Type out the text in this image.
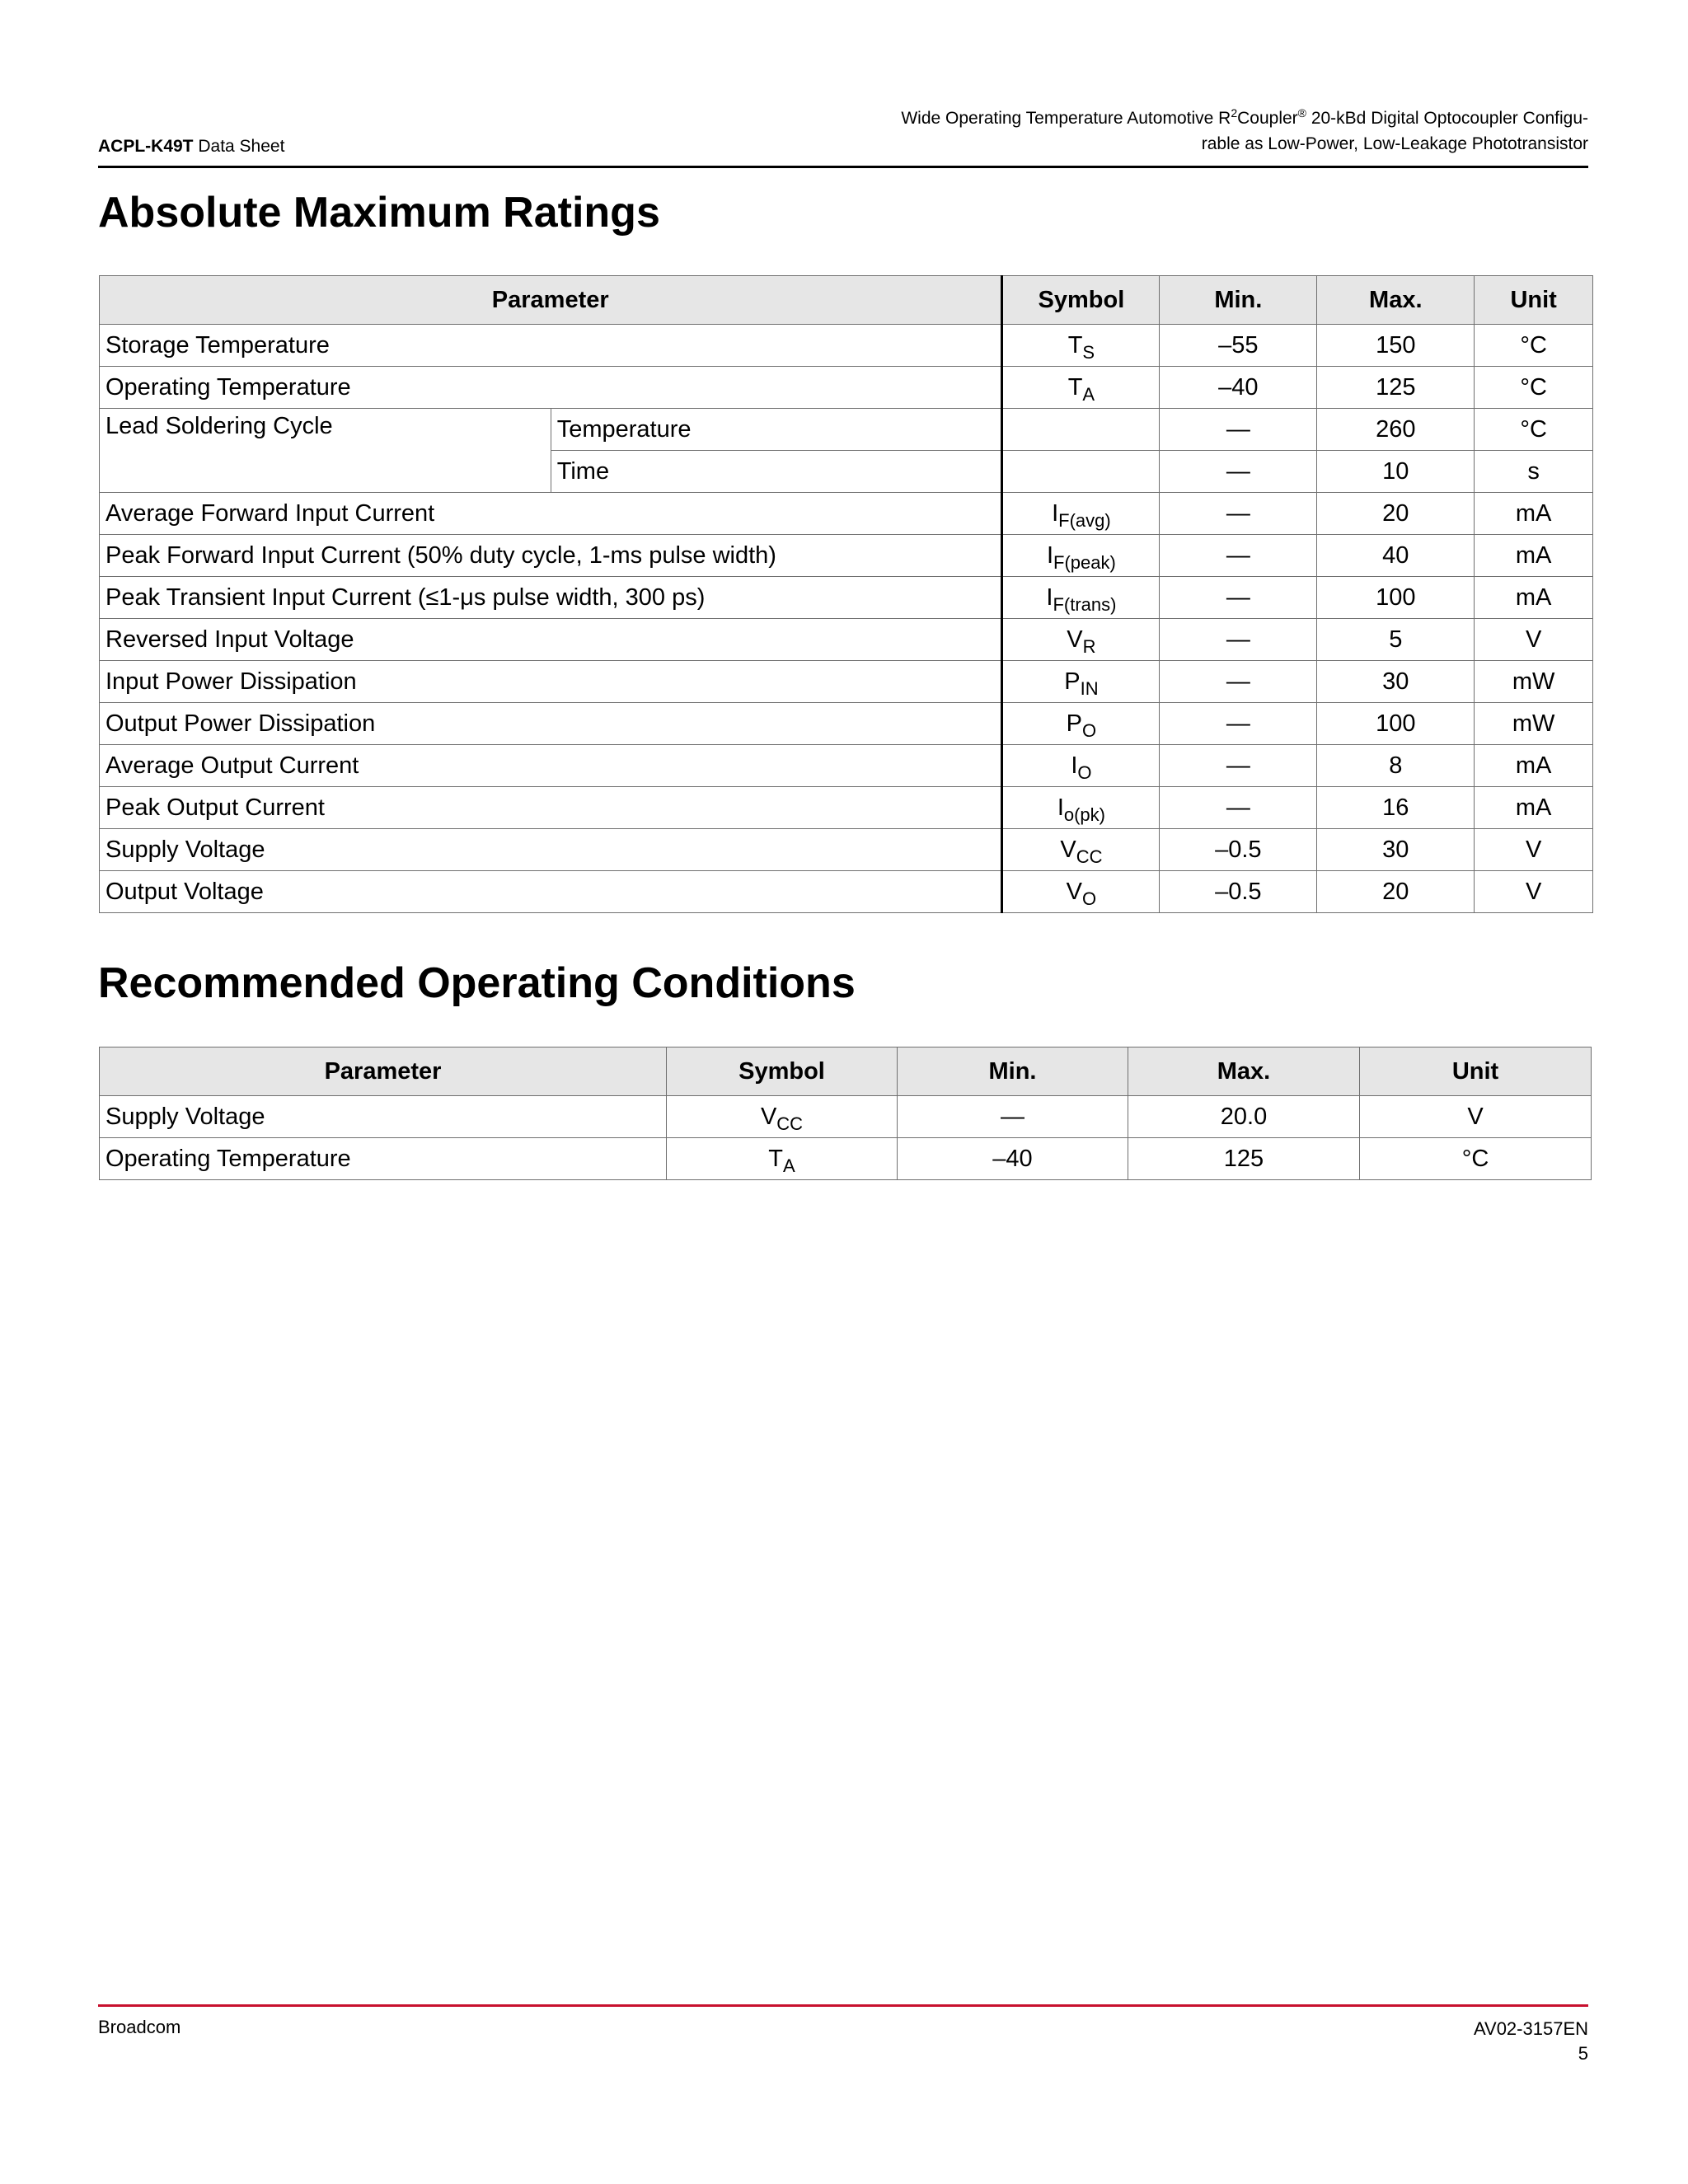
ACPL-K49T Data Sheet
Wide Operating Temperature Automotive $R^2Coupler®$ 20-kBd Digital Optocoupler Configu-
rable as Low-Power, Low-Leakage Phototransistor
Absolute Maximum Ratings
Parameter		Symbol	Min.	Max.	Unit
Storage Temperature		$T_S$	–55	150	°C
Operating Temperature		$T_A$	–40	125	°C
Lead Soldering Cycle	Temperature		—	260	°C
	Time		—	10	s
Average Forward Input Current		$I_{F(avg)}$	—	20	mA
Peak Forward Input Current (50% duty cycle, 1-ms pulse width)		$I_{F(peak)}$	—	40	mA
Peak Transient Input Current (≤1-μs pulse width, 300 ps)		$I_{F(trans)}$	—	100	mA
Reversed Input Voltage		$V_R$	—	5	V
Input Power Dissipation		$P_{IN}$	—	30	mW
Output Power Dissipation		$P_O$	—	100	mW
Average Output Current		$I_O$	—	8	mA
Peak Output Current		$I_{o(pk)}$	—	16	mA
Supply Voltage		$V_{CC}$	–0.5	30	V
Output Voltage		$V_O$	–0.5	20	V
Recommended Operating Conditions
Parameter	Symbol	Min.	Max.	Unit
Supply Voltage	$V_{CC}$	—	20.0	V
Operating Temperature	$T_A$	–40	125	°C
Broadcom	AV02-3157EN
5
